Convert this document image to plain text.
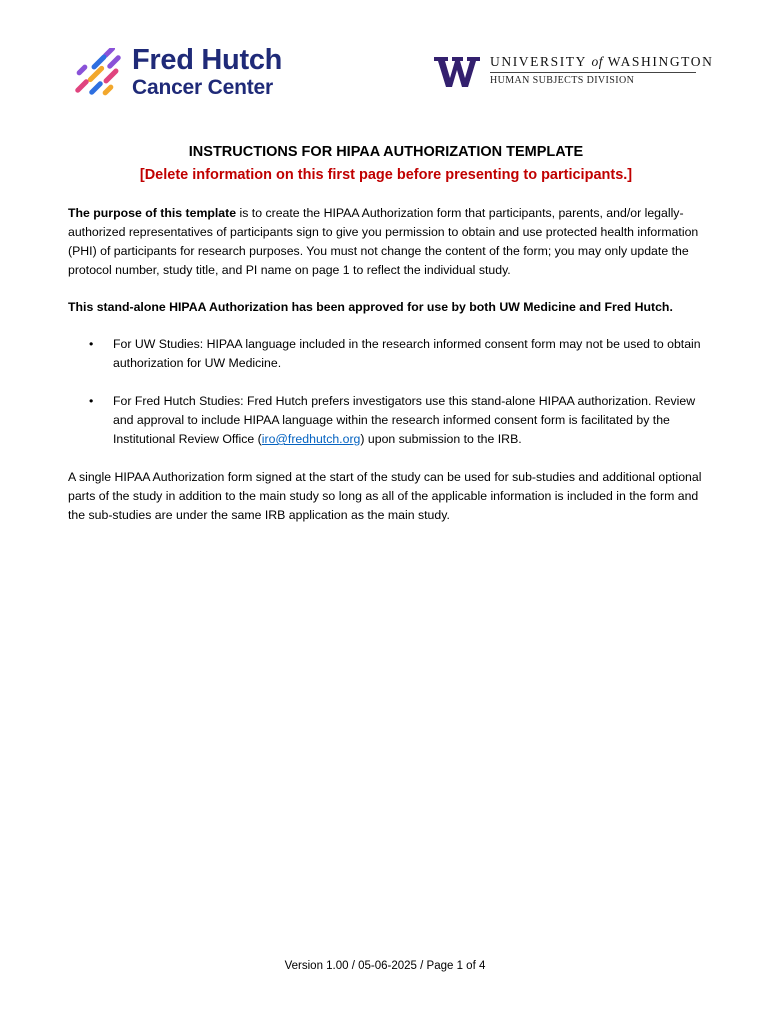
Fred Hutch
Cancer Center
UNIVERSITY of WASHINGTON
HUMAN SUBJECTS DIVISION
INSTRUCTIONS FOR HIPAA AUTHORIZATION TEMPLATE
[Delete information on this first page before presenting to participants.]

The purpose of this template is to create the HIPAA Authorization form that participants, parents, and/or legally-authorized representatives of participants sign to give you permission to obtain and use protected health information (PHI) of participants for research purposes. You must not change the content of the form; you may only update the protocol number, study title, and PI name on page 1 to reflect the individual study.

This stand-alone HIPAA Authorization has been approved for use by both UW Medicine and Fred Hutch.

• For UW Studies: HIPAA language included in the research informed consent form may not be used to obtain authorization for UW Medicine.
• For Fred Hutch Studies: Fred Hutch prefers investigators use this stand-alone HIPAA authorization. Review and approval to include HIPAA language within the research informed consent form is facilitated by the Institutional Review Office (iro@fredhutch.org) upon submission to the IRB.

A single HIPAA Authorization form signed at the start of the study can be used for sub-studies and additional optional parts of the study in addition to the main study so long as all of the applicable information is included in the form and the sub-studies are under the same IRB application as the main study.

Version 1.00 / 05-06-2025 / Page 1 of 4
